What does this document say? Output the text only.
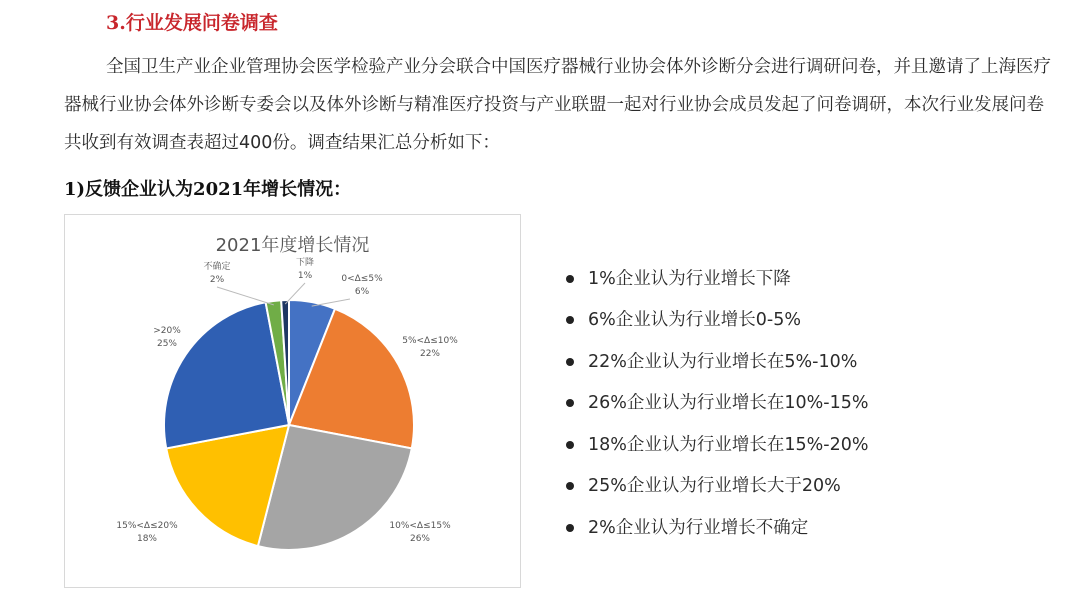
3.行业发展问卷调查

全国卫生产业企业管理协会医学检验产业分会联合中国医疗器械行业协会体外诊断分会进行调研问卷，并且邀请了上海医疗器械行业协会体外诊断专委会以及体外诊断与精准医疗投资与产业联盟一起对行业协会成员发起了问卷调研，本次行业发展问卷共收到有效调查表超过400份。调查结果汇总分析如下：

1)反馈企业认为2021年增长情况：
0<Δ≤5%
6%
5%<Δ≤10%
22%
10%<Δ≤15%
26%
15%<Δ≤20%
18%
>20%
25%
不确定
2%
下降
1%
2021年度增长情况
1%企业认为行业增长下降
6%企业认为行业增长0-5%
22%企业认为行业增长在5%-10%
26%企业认为行业增长在10%-15%
18%企业认为行业增长在15%-20%
25%企业认为行业增长大于20%
2%企业认为行业增长不确定
